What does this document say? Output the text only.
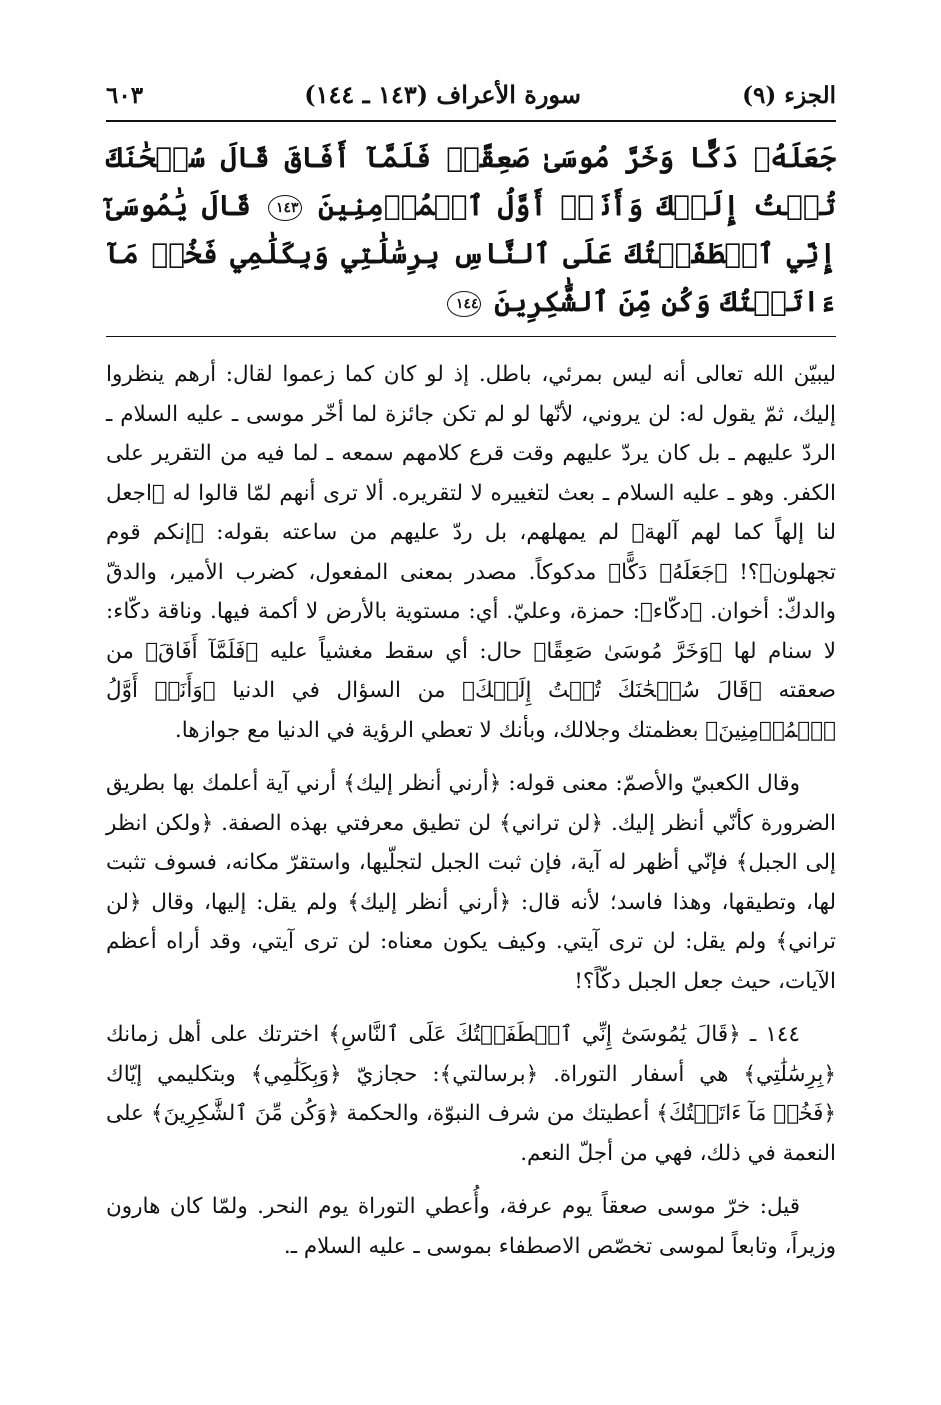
الجزء (٩)
سورة الأعراف (١٤٣ ـ ١٤٤)
٦٠٣
جَعَلَهُۥ دَكًّا وَخَرَّ مُوسَىٰ صَعِقًاۚ فَلَمَّآ أَفَاقَ قَالَ سُبۡحَٰنَكَ تُبۡتُ إِلَيۡكَ وَأَنَا۠ أَوَّلُ ٱلۡمُؤۡمِنِينَ ١٤٣ قَالَ يَٰمُوسَىٰٓ إِنِّي ٱصۡطَفَيۡتُكَ عَلَى ٱلنَّاسِ بِرِسَٰلَٰتِي وَبِكَلَٰمِي فَخُذۡ مَآ ءَاتَيۡتُكَ وَكُن مِّنَ ٱلشَّٰكِرِينَ ١٤٤

ليبيّن الله تعالى أنه ليس بمرئي، باطل. إذ لو كان كما زعموا لقال: أرهم ينظروا إليك، ثمّ يقول له: لن يروني، لأنّها لو لم تكن جائزة لما أخّر موسى ـ عليه السلام ـ الردّ عليهم ـ بل كان يردّ عليهم وقت قرع كلامهم سمعه ـ لما فيه من التقرير على الكفر. وهو ـ عليه السلام ـ بعث لتغييره لا لتقريره. ألا ترى أنهم لمّا قالوا له ﴿اجعل لنا إلهاً كما لهم آلهة﴾ لم يمهلهم، بل ردّ عليهم من ساعته بقوله: ﴿إنكم قوم تجهلون﴾؟! ﴿جَعَلَهُۥ دَكًّا﴾ مدكوكاً. مصدر بمعنى المفعول، كضرب الأمير، والدقّ والدكّ: أخوان. ﴿دكّاء﴾: حمزة، وعليّ. أي: مستوية بالأرض لا أكمة فيها. وناقة دكّاء: لا سنام لها ﴿وَخَرَّ مُوسَىٰ صَعِقًا﴾ حال: أي سقط مغشياً عليه ﴿فَلَمَّآ أَفَاقَ﴾ من صعقته ﴿قَالَ سُبۡحَٰنَكَ تُبۡتُ إِلَيۡكَ﴾ من السؤال في الدنيا ﴿وَأَنَا۠ أَوَّلُ ٱلۡمُؤۡمِنِينَ﴾ بعظمتك وجلالك، وبأنك لا تعطي الرؤية في الدنيا مع جوازها.

وقال الكعبيّ والأصمّ: معنى قوله: ﴿أرني أنظر إليك﴾ أرني آية أعلمك بها بطريق الضرورة كأنّي أنظر إليك. ﴿لن تراني﴾ لن تطيق معرفتي بهذه الصفة. ﴿ولكن انظر إلى الجبل﴾ فإنّي أظهر له آية، فإن ثبت الجبل لتجلّيها، واستقرّ مكانه، فسوف تثبت لها، وتطيقها، وهذا فاسد؛ لأنه قال: ﴿أرني أنظر إليك﴾ ولم يقل: إليها، وقال ﴿لن تراني﴾ ولم يقل: لن ترى آيتي. وكيف يكون معناه: لن ترى آيتي، وقد أراه أعظم الآيات، حيث جعل الجبل دكّاً؟!

١٤٤ ـ ﴿قَالَ يَٰمُوسَىٰٓ إِنِّي ٱصۡطَفَيۡتُكَ عَلَى ٱلنَّاسِ﴾ اخترتك على أهل زمانك ﴿بِرِسَٰلَٰتِي﴾ هي أسفار التوراة. ﴿برسالتي﴾: حجازيّ ﴿وَبِكَلَٰمِي﴾ وبتكليمي إيّاك ﴿فَخُذۡ مَآ ءَاتَيۡتُكَ﴾ أعطيتك من شرف النبوّة، والحكمة ﴿وَكُن مِّنَ ٱلشَّٰكِرِينَ﴾ على النعمة في ذلك، فهي من أجلّ النعم.

قيل: خرّ موسى صعقاً يوم عرفة، وأُعطي التوراة يوم النحر. ولمّا كان هارون وزيراً، وتابعاً لموسى تخصّص الاصطفاء بموسى ـ عليه السلام ـ.
